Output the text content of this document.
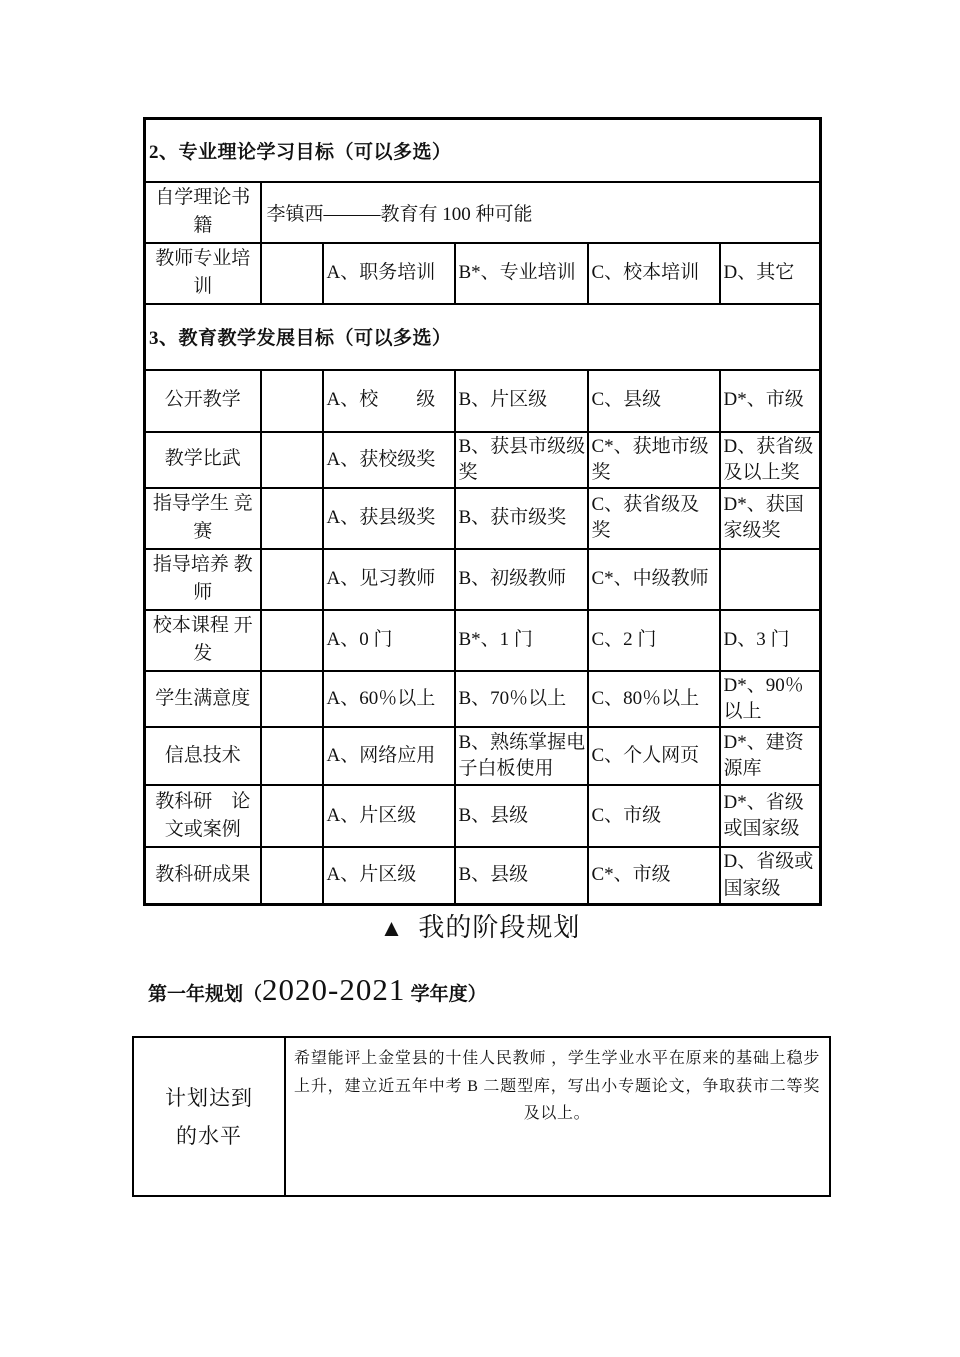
2、专业理论学习目标（可以多选）					
自学理论书籍	李镇西———教育有 100 种可能				
教师专业培训		A、职务培训	B*、专业培训	C、校本培训	D、其它
3、教育教学发展目标（可以多选）					
公开教学		A、校　　级	B、片区级	C、县级	D*、市级
教学比武		A、获校级奖	B、获县市级级奖	C*、获地市级奖	D、获省级及以上奖
指导学生 竞赛		A、获县级奖	B、获市级奖	C、获省级及奖	D*、获国家级奖
指导培养 教师		A、见习教师	B、初级教师	C*、中级教师	
校本课程 开发		A、0 门	B*、1 门	C、2 门	D、3 门
学生满意度		A、60％以上	B、70％以上	C、80％以上	D*、90％以上
信息技术		A、网络应用	B、熟练掌握电子白板使用	C、个人网页	D*、建资源库
教科研　论文或案例		A、片区级	B、县级	C、市级	D*、省级或国家级
教科研成果		A、片区级	B、县级	C*、市级	D、省级或国家级
▲ 我的阶段规划
第一年规划（2020-2021 学年度）
计划达到
的水平
	希望能评上金堂县的十佳人民教师 ，学生学业水平在原来的基础上稳步上升，建立近五年中考 B 二题型库，写出小专题论文，争取获市二等奖及以上。
